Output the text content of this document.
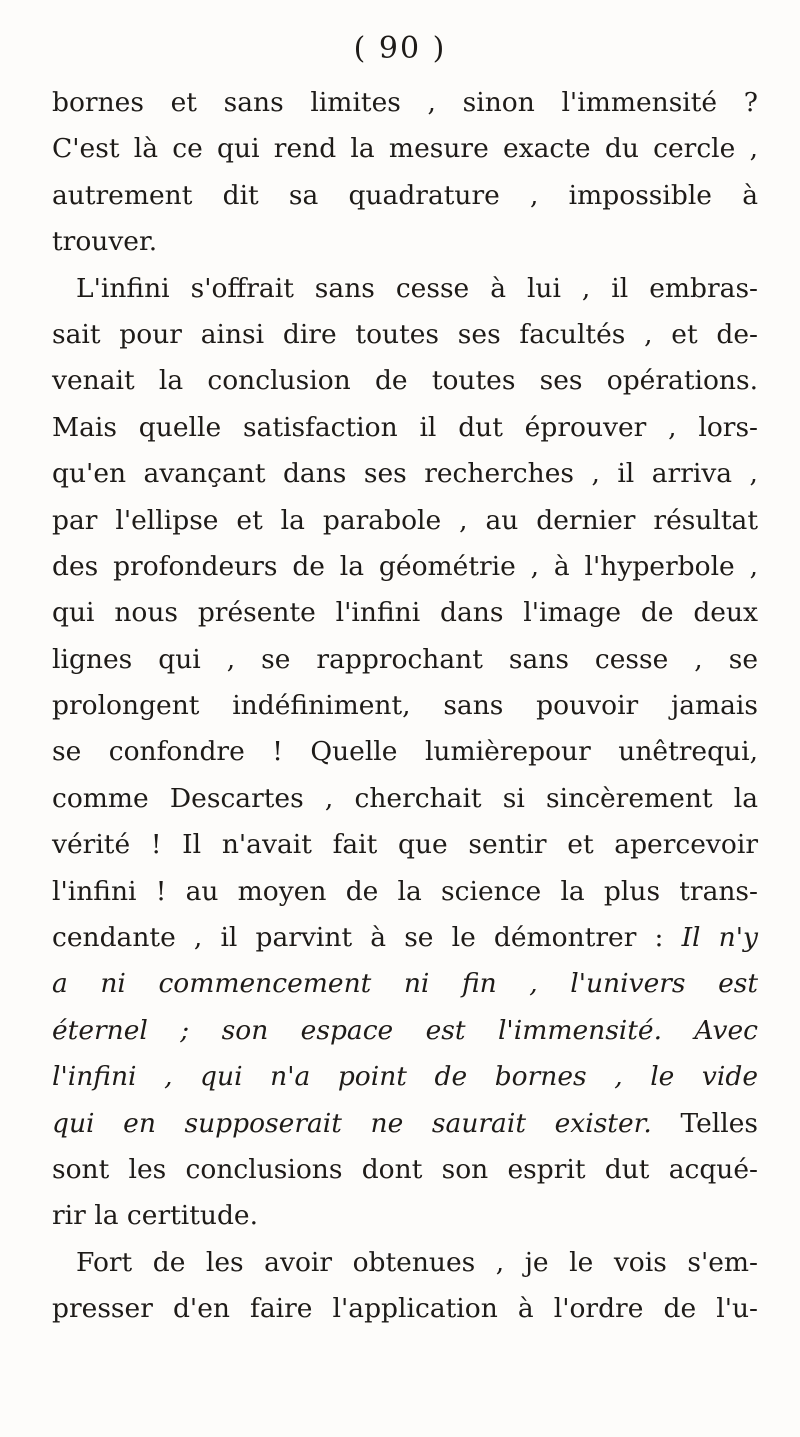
( 90 )
bornes et sans limites , sinon l'immensité ?
C'est là ce qui rend la mesure exacte du cercle ,
autrement dit sa quadrature , impossible à
trouver.
L'infini s'offrait sans cesse à lui , il embras-
sait pour ainsi dire toutes ses facultés , et de-
venait la conclusion de toutes ses opérations.
Mais quelle satisfaction il dut éprouver , lors-
qu'en avançant dans ses recherches , il arriva ,
par l'ellipse et la parabole , au dernier résultat
des profondeurs de la géométrie , à l'hyperbole ,
qui nous présente l'infini dans l'image de deux
lignes qui , se rapprochant sans cesse , se
prolongent indéfiniment, sans pouvoir jamais
se confondre ! Quelle lumièrepour unêtrequi,
comme Descartes , cherchait si sincèrement la
vérité ! Il n'avait fait que sentir et apercevoir
l'infini ! au moyen de la science la plus trans-
cendante , il parvint à se le démontrer : Il n'y
a ni commencement ni fin , l'univers est
éternel ; son espace est l'immensité. Avec
l'infini , qui n'a point de bornes , le vide
qui en supposerait ne saurait exister. Telles
sont les conclusions dont son esprit dut acqué-
rir la certitude.
Fort de les avoir obtenues , je le vois s'em-
presser d'en faire l'application à l'ordre de l'u-
